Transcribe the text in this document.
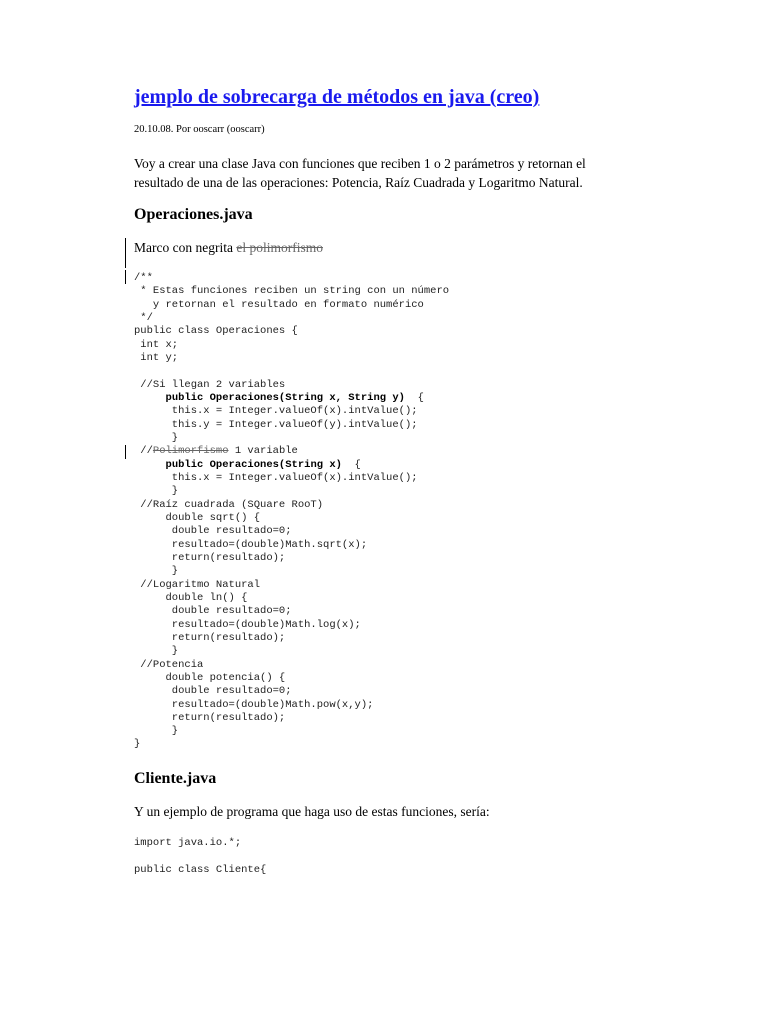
jemplo de sobrecarga de métodos en java (creo)
20.10.08. Por ooscarr (ooscarr)
Voy a crear una clase Java con funciones que reciben 1 o 2 parámetros y retornan el resultado de una de las operaciones: Potencia, Raíz Cuadrada y Logaritmo Natural.
Operaciones.java
Marco con negrita el polimorfismo
/**
* Estas funciones reciben un string con un número
y retornan el resultado en formato numérico
*/
public class Operaciones {
int x;
int y;
//Si llegan 2 variables
public Operaciones(String x, String y)  {
this.x = Integer.valueOf(x).intValue();
this.y = Integer.valueOf(y).intValue();
}
//Polimorfismo 1 variable
public Operaciones(String x)  {
this.x = Integer.valueOf(x).intValue();
}
//Raíz cuadrada (SQuare RooT)
double sqrt() {
double resultado=0;
resultado=(double)Math.sqrt(x);
return(resultado);
}
//Logaritmo Natural
double ln() {
double resultado=0;
resultado=(double)Math.log(x);
return(resultado);
}
//Potencia
double potencia() {
double resultado=0;
resultado=(double)Math.pow(x,y);
return(resultado);
}
}
Cliente.java
Y un ejemplo de programa que haga uso de estas funciones, sería:
import java.io.*;
public class Cliente{
